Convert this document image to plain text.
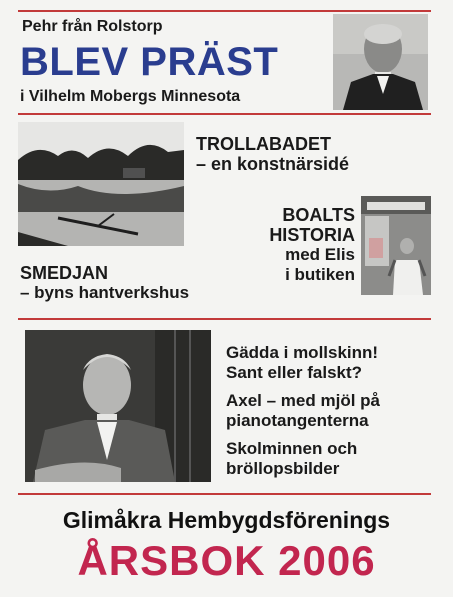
Pehr från Rolstorp
BLEV PRÄST
i Vilhelm Mobergs Minnesota
TROLLABADET
– en konstnärsidé
BOALTS
HISTORIA
med Elis
i butiken
SMEDJAN
– byns hantverkshus
Gädda i mollskinn!
Sant eller falskt?
Axel – med mjöl på
pianotangenterna
Skolminnen och
bröllopsbilder
Glimåkra Hembygdsförenings
ÅRSBOK 2006
